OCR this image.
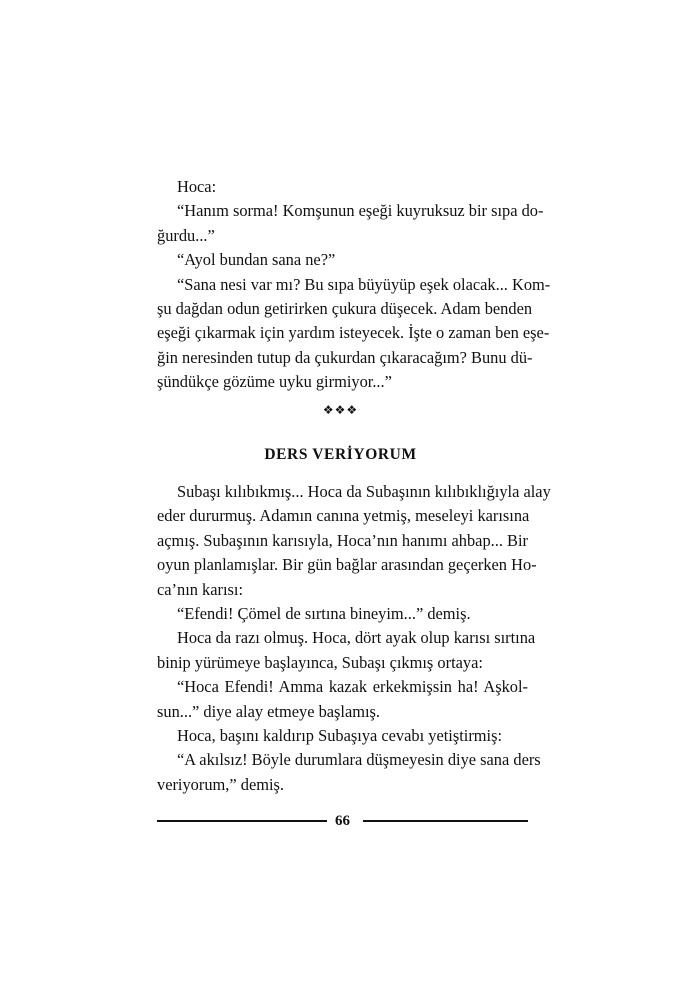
Hoca:
“Hanım sorma! Komşunun eşeği kuyruksuz bir sıpa do-
ğurdu...”
“Ayol bundan sana ne?”
“Sana nesi var mı? Bu sıpa büyüyüp eşek olacak... Kom-
şu dağdan odun getirirken çukura düşecek. Adam benden
eşeği çıkarmak için yardım isteyecek. İşte o zaman ben eşe-
ğin neresinden tutup da çukurdan çıkaracağım? Bunu dü-
şündükçe gözüme uyku girmiyor...”
❖❖❖
DERS VERİYORUM
Subaşı kılıbıkmış... Hoca da Subaşının kılıbıklığıyla alay
eder dururmuş. Adamın canına yetmiş, meseleyi karısına
açmış. Subaşının karısıyla, Hoca’nın hanımı ahbap... Bir
oyun planlamışlar. Bir gün bağlar arasından geçerken Ho-
ca’nın karısı:
“Efendi! Çömel de sırtına bineyim...” demiş.
Hoca da razı olmuş. Hoca, dört ayak olup karısı sırtına
binip yürümeye başlayınca, Subaşı çıkmış ortaya:
“Hoca Efendi! Amma kazak erkekmişsin ha! Aşkol-
sun...” diye alay etmeye başlamış.
Hoca, başını kaldırıp Subaşıya cevabı yetiştirmiş:
“A akılsız! Böyle durumlara düşmeyesin diye sana ders
veriyorum,” demiş.
66
